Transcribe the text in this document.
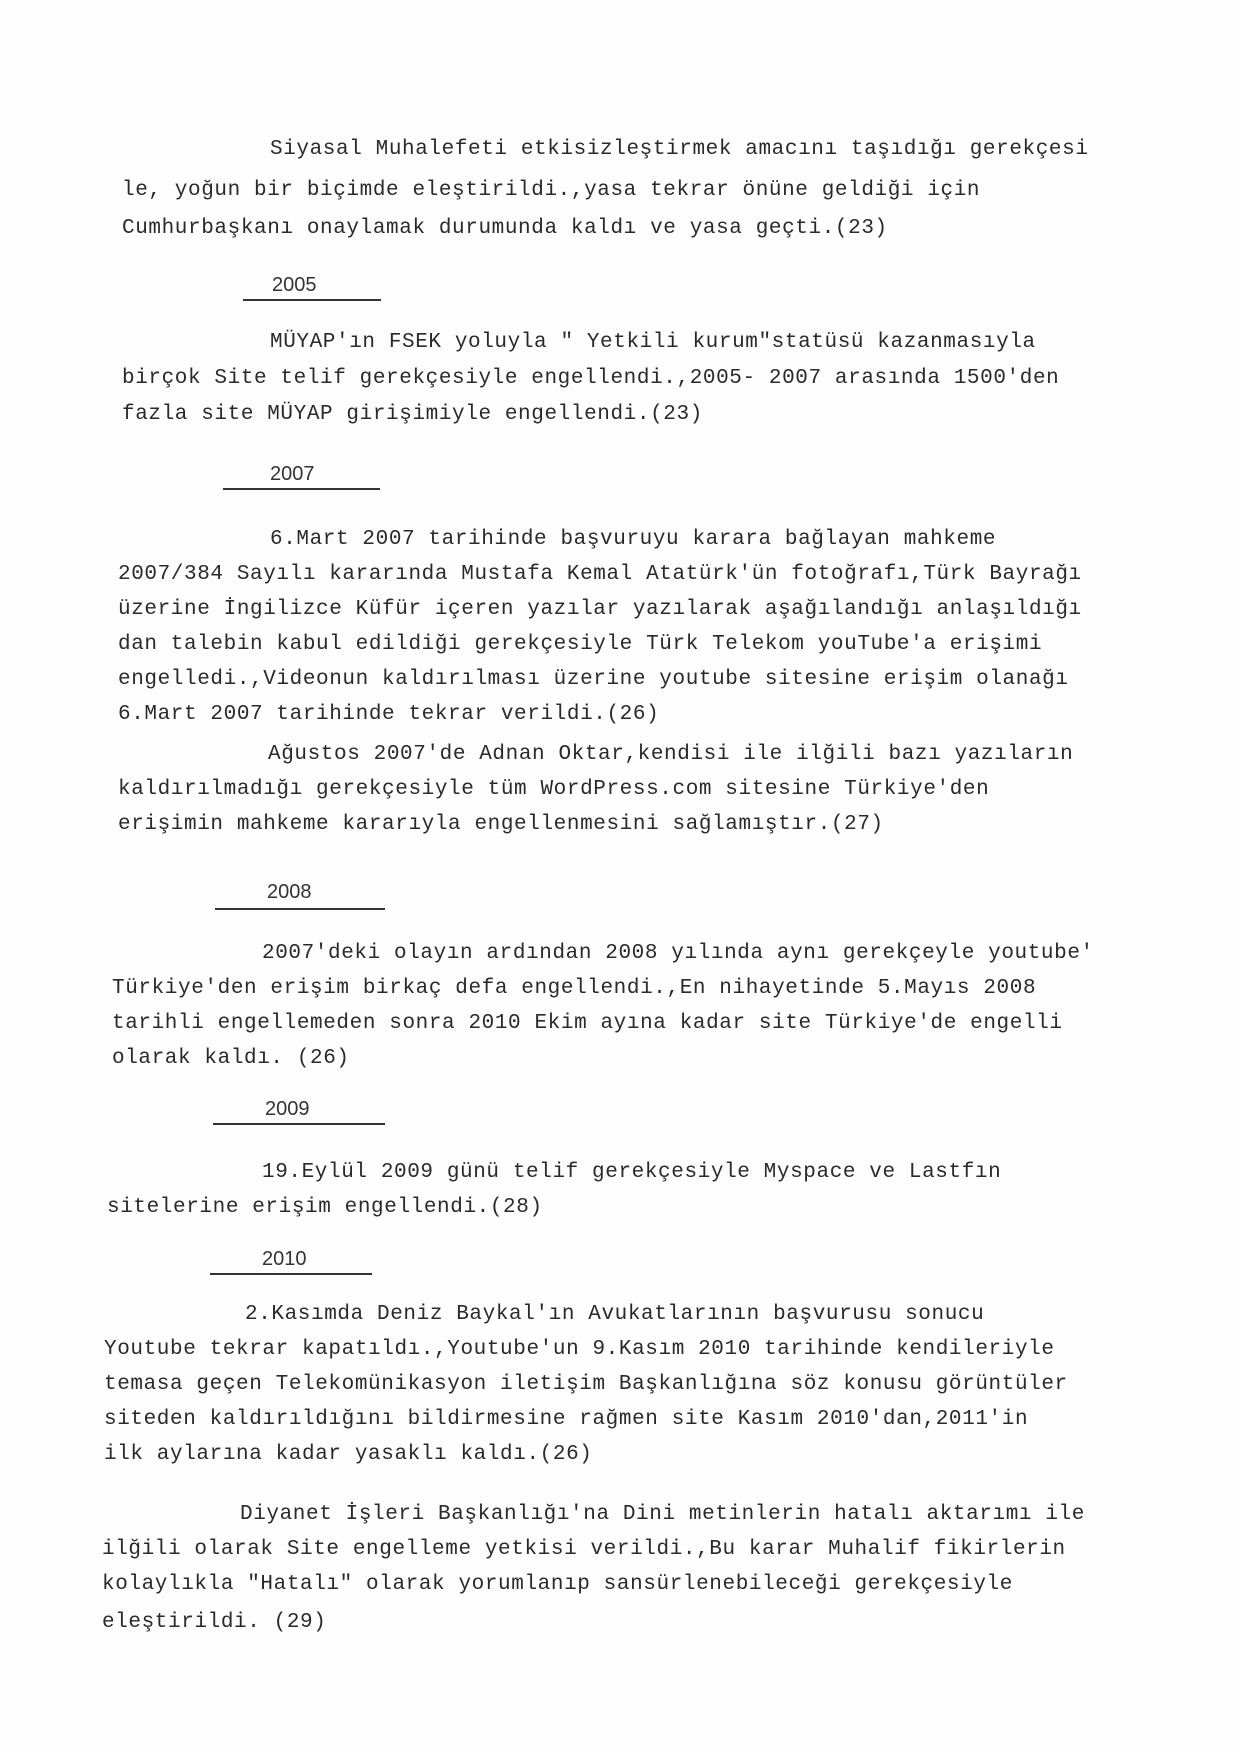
Siyasal Muhalefeti etkisizleştirmek amacını taşıdığı gerekçesi
le, yoğun bir biçimde eleştirildi.,yasa tekrar önüne geldiği için
Cumhurbaşkanı onaylamak durumunda kaldı ve yasa geçti.(23)
2005
MÜYAP'ın FSEK yoluyla " Yetkili kurum"statüsü kazanmasıyla
birçok Site telif gerekçesiyle engellendi.,2005- 2007 arasında 1500'den
fazla site MÜYAP girişimiyle engellendi.(23)
2007
6.Mart 2007 tarihinde başvuruyu karara bağlayan mahkeme
2007/384 Sayılı kararında Mustafa Kemal Atatürk'ün fotoğrafı,Türk Bayrağı
üzerine İngilizce Küfür içeren yazılar yazılarak aşağılandığı anlaşıldığı
dan talebin kabul edildiği gerekçesiyle Türk Telekom youTube'a erişimi
engelledi.,Videonun kaldırılması üzerine youtube sitesine erişim olanağı
6.Mart 2007 tarihinde tekrar verildi.(26)
Ağustos 2007'de Adnan Oktar,kendisi ile ilğili bazı yazıların
kaldırılmadığı gerekçesiyle tüm WordPress.com sitesine Türkiye'den
erişimin mahkeme kararıyla engellenmesini sağlamıştır.(27)
2008
2007'deki olayın ardından 2008 yılında aynı gerekçeyle youtube'
Türkiye'den erişim birkaç defa engellendi.,En nihayetinde 5.Mayıs 2008
tarihli engellemeden sonra 2010 Ekim ayına kadar site Türkiye'de engelli
olarak kaldı. (26)
2009
19.Eylül 2009 günü telif gerekçesiyle Myspace ve Lastfın
sitelerine erişim engellendi.(28)
2010
2.Kasımda Deniz Baykal'ın Avukatlarının başvurusu sonucu
Youtube tekrar kapatıldı.,Youtube'un 9.Kasım 2010 tarihinde kendileriyle
temasa geçen Telekomünikasyon iletişim Başkanlığına söz konusu görüntüler
siteden kaldırıldığını bildirmesine rağmen site Kasım 2010'dan,2011'in
ilk aylarına kadar yasaklı kaldı.(26)
Diyanet İşleri Başkanlığı'na Dini metinlerin hatalı aktarımı ile
ilğili olarak Site engelleme yetkisi verildi.,Bu karar Muhalif fikirlerin
kolaylıkla "Hatalı" olarak yorumlanıp sansürlenebileceği gerekçesiyle
eleştirildi. (29)
